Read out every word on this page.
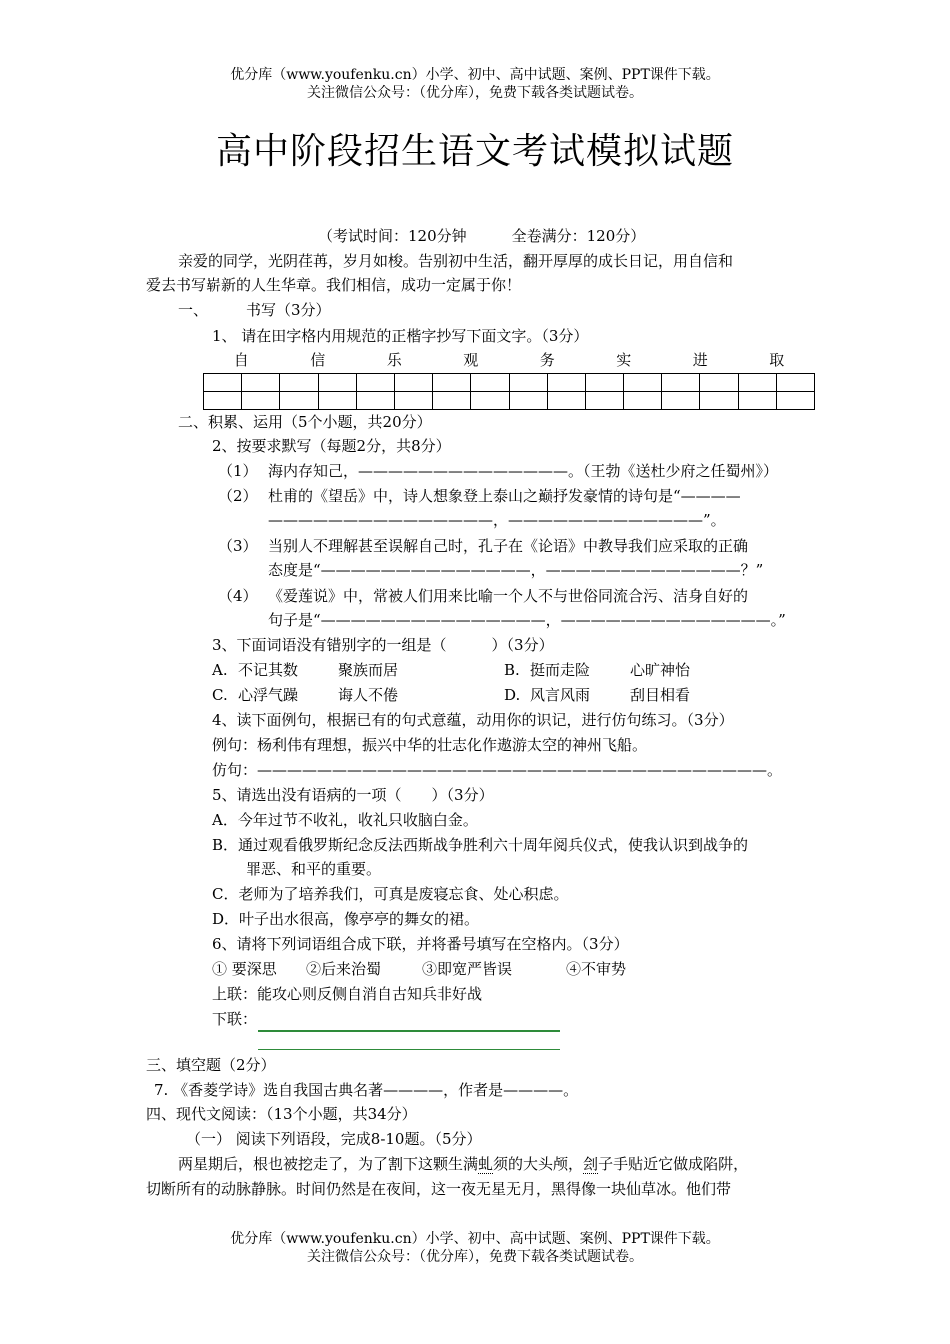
优分库（www.youfenku.cn）小学、初中、高中试题、案例、PPT课件下载。
关注微信公众号：（优分库），免费下载各类试题试卷。
高中阶段招生语文考试模拟试题
（考试时间：120分钟　　　全卷满分：120分）
亲爱的同学，光阴荏苒，岁月如梭。告别初中生活，翻开厚厚的成长日记，用自信和
爱去书写崭新的人生华章。我们相信，成功一定属于你！
一、	书写（3分）
1、 请在田字格内用规范的正楷字抄写下面文字。（3分）
自	信	乐	观	务	实	进	取

二、积累、运用（5个小题，共20分）
2、按要求默写（每题2分，共8分）
（1） 海内存知己，——————————————。（王勃《送杜少府之任蜀州》）
（2） 杜甫的《望岳》中，诗人想象登上泰山之巅抒发豪情的诗句是“————
———————————————，—————————————”。
（3） 当别人不理解甚至误解自己时，孔子在《论语》中教导我们应采取的正确
态度是“——————————————，—————————————？”
（4） 《爱莲说》中，常被人们用来比喻一个人不与世俗同流合污、洁身自好的
句子是“———————————————，——————————————。”
3、下面词语没有错别字的一组是（　　　）（3分）
A. 不记其数	聚族而居	B. 挺而走险	心旷神怡
C. 心浮气躁	诲人不倦	D. 风言风雨	刮目相看
4、读下面例句，根据已有的句式意蕴，动用你的识记，进行仿句练习。（3分）
例句：杨利伟有理想，振兴中华的壮志化作遨游太空的神州飞船。
仿句：——————————————————————————————————。
5、请选出没有语病的一项（　　）（3分）
A．今年过节不收礼，收礼只收脑白金。
B．通过观看俄罗斯纪念反法西斯战争胜利六十周年阅兵仪式，使我认识到战争的
罪恶、和平的重要。
C．老师为了培养我们，可真是废寝忘食、处心积虑。
D．叶子出水很高，像亭亭的舞女的裙。
6、请将下列词语组合成下联，并将番号填写在空格内。（3分）
① 要深思 ②后来治蜀	③即宽严皆误	④不审势
上联：能攻心则反侧自消自古知兵非好战
下联：
三、填空题（2分）
7. 《香菱学诗》选自我国古典名著————，作者是————。
四、现代文阅读：（13个小题，共34分）
（一） 阅读下列语段，完成8-10题。（5分）
两星期后，根也被挖走了，为了割下这颗生满虬须的大头颅，刽子手贴近它做成陷阱，
切断所有的动脉静脉。时间仍然是在夜间，这一夜无星无月，黑得像一块仙草冰。他们带
优分库（www.youfenku.cn）小学、初中、高中试题、案例、PPT课件下载。
关注微信公众号：（优分库），免费下载各类试题试卷。
